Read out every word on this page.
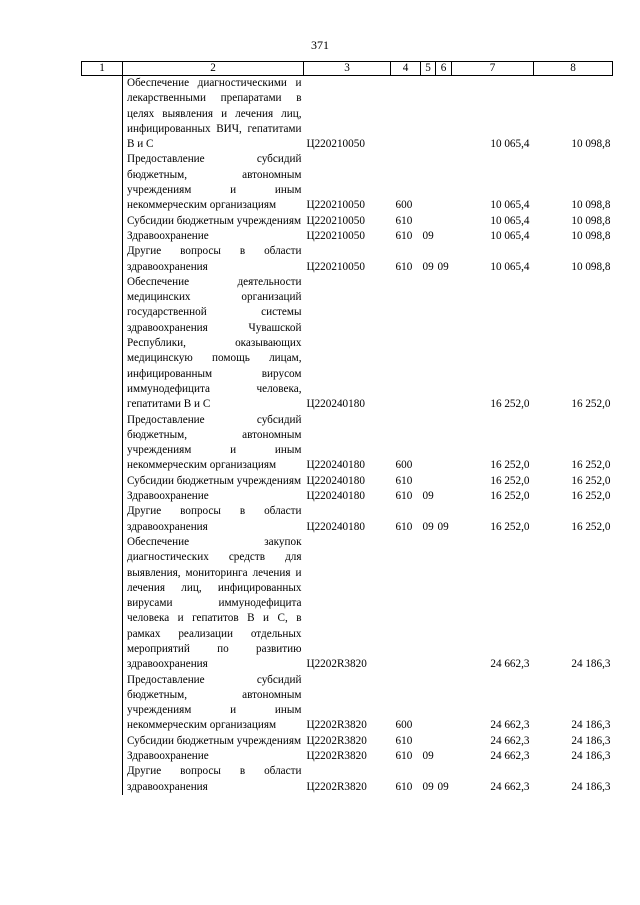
371
1	2	3	4	5	6	7	8
	Обеспечение диагностическими и лекарственными препаратами в целях выявления и лечения лиц, инфицированных ВИЧ, гепатитами В и С	Ц220210050				10 065,4	10 098,8
	Предоставление субсидий бюджетным, автономным учреждениям и иным некоммерческим организациям	Ц220210050	600			10 065,4	10 098,8
	Субсидии бюджетным учреждениям	Ц220210050	610			10 065,4	10 098,8
	Здравоохранение	Ц220210050	610	09		10 065,4	10 098,8
	Другие вопросы в области здравоохранения	Ц220210050	610	09	09	10 065,4	10 098,8
	Обеспечение деятельности медицинских организаций государственной системы здравоохранения Чувашской Республики, оказывающих медицинскую помощь лицам, инфицированным вирусом иммунодефицита человека, гепатитами В и С	Ц220240180				16 252,0	16 252,0
	Предоставление субсидий бюджетным, автономным учреждениям и иным некоммерческим организациям	Ц220240180	600			16 252,0	16 252,0
	Субсидии бюджетным учреждениям	Ц220240180	610			16 252,0	16 252,0
	Здравоохранение	Ц220240180	610	09		16 252,0	16 252,0
	Другие вопросы в области здравоохранения	Ц220240180	610	09	09	16 252,0	16 252,0
	Обеспечение закупок диагностических средств для выявления, мониторинга лечения и лечения лиц, инфицированных вирусами иммунодефицита человека и гепатитов В и С, в рамках реализации отдельных мероприятий по развитию здравоохранения	Ц2202R3820				24 662,3	24 186,3
	Предоставление субсидий бюджетным, автономным учреждениям и иным некоммерческим организациям	Ц2202R3820	600			24 662,3	24 186,3
	Субсидии бюджетным учреждениям	Ц2202R3820	610			24 662,3	24 186,3
	Здравоохранение	Ц2202R3820	610	09		24 662,3	24 186,3
	Другие вопросы в области здравоохранения	Ц2202R3820	610	09	09	24 662,3	24 186,3
